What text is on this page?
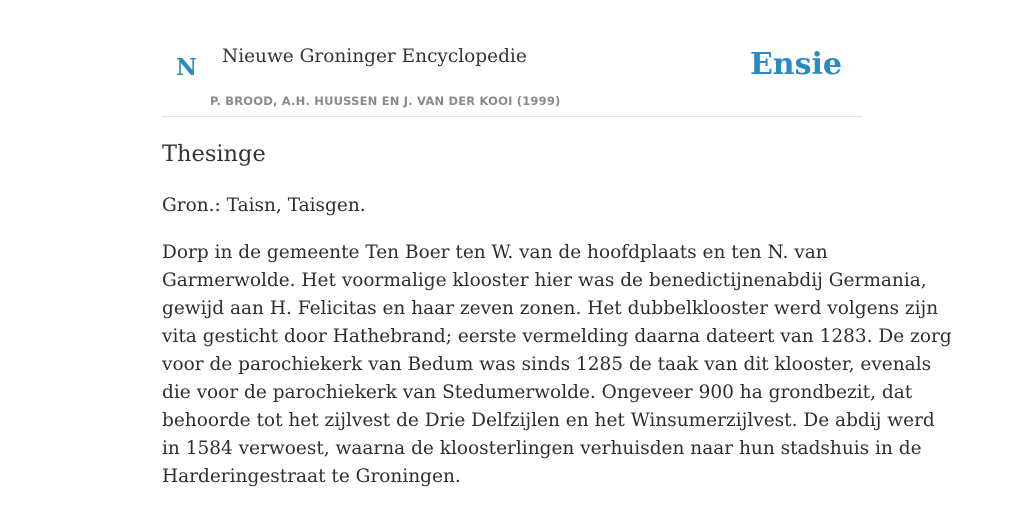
N Nieuwe Groninger Encyclopedie
P. BROOD, A.H. HUUSSEN EN J. VAN DER KOOI (1999)
Ensie
Thesinge

Gron.: Taisn, Taisgen.

Dorp in de gemeente Ten Boer ten W. van de hoofdplaats en ten N. van
Garmerwolde. Het voormalige klooster hier was de benedictijnenabdij Germania,
gewijd aan H. Felicitas en haar zeven zonen. Het dubbelklooster werd volgens zijn
vita gesticht door Hathebrand; eerste vermelding daarna dateert van 1283. De zorg
voor de parochiekerk van Bedum was sinds 1285 de taak van dit klooster, evenals
die voor de parochiekerk van Stedumerwolde. Ongeveer 900 ha grondbezit, dat
behoorde tot het zijlvest de Drie Delfzijlen en het Winsumerzijlvest. De abdij werd
in 1584 verwoest, waarna de kloosterlingen verhuisden naar hun stadshuis in de
Harderingestraat te Groningen.
